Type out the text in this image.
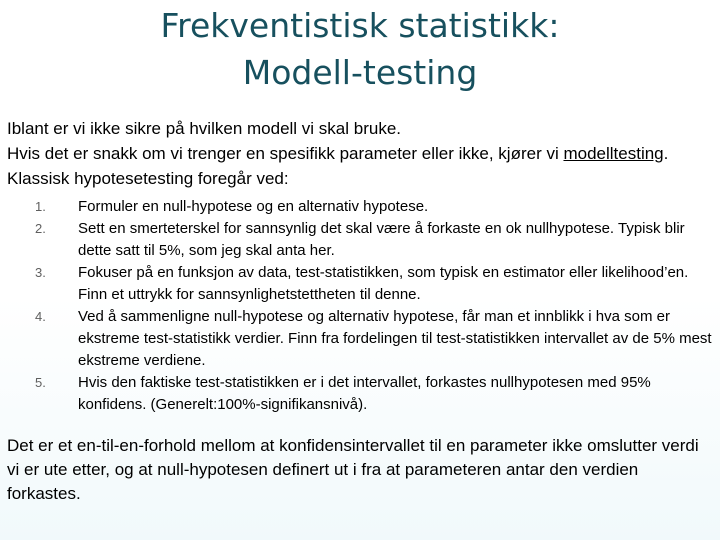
Frekventistisk statistikk:
Modell-testing

Iblant er vi ikke sikre på hvilken modell vi skal bruke.

Hvis det er snakk om vi trenger en spesifikk parameter eller ikke, kjører vi modelltesting. Klassisk hypotesetesting foregår ved:

1. Formuler en null-hypotese og en alternativ hypotese.
2. Sett en smerteterskel for sannsynlig det skal være å forkaste en ok nullhypotese. Typisk blir dette satt til 5%, som jeg skal anta her.
3. Fokuser på en funksjon av data, test-statistikken, som typisk en estimator eller likelihood’en. Finn et uttrykk for sannsynlighetstettheten til denne.
4. Ved å sammenligne null-hypotese og alternativ hypotese, får man et innblikk i hva som er ekstreme test-statistikk verdier. Finn fra fordelingen til test-statistikken intervallet av de 5% mest ekstreme verdiene.
5. Hvis den faktiske test-statistikken er i det intervallet, forkastes nullhypotesen med 95% konfidens. (Generelt:100%-signifikansnivå).

Det er et en-til-en-forhold mellom at konfidensintervallet til en parameter ikke omslutter verdi vi er ute etter, og at null-hypotesen definert ut i fra at parameteren antar den verdien forkastes.
